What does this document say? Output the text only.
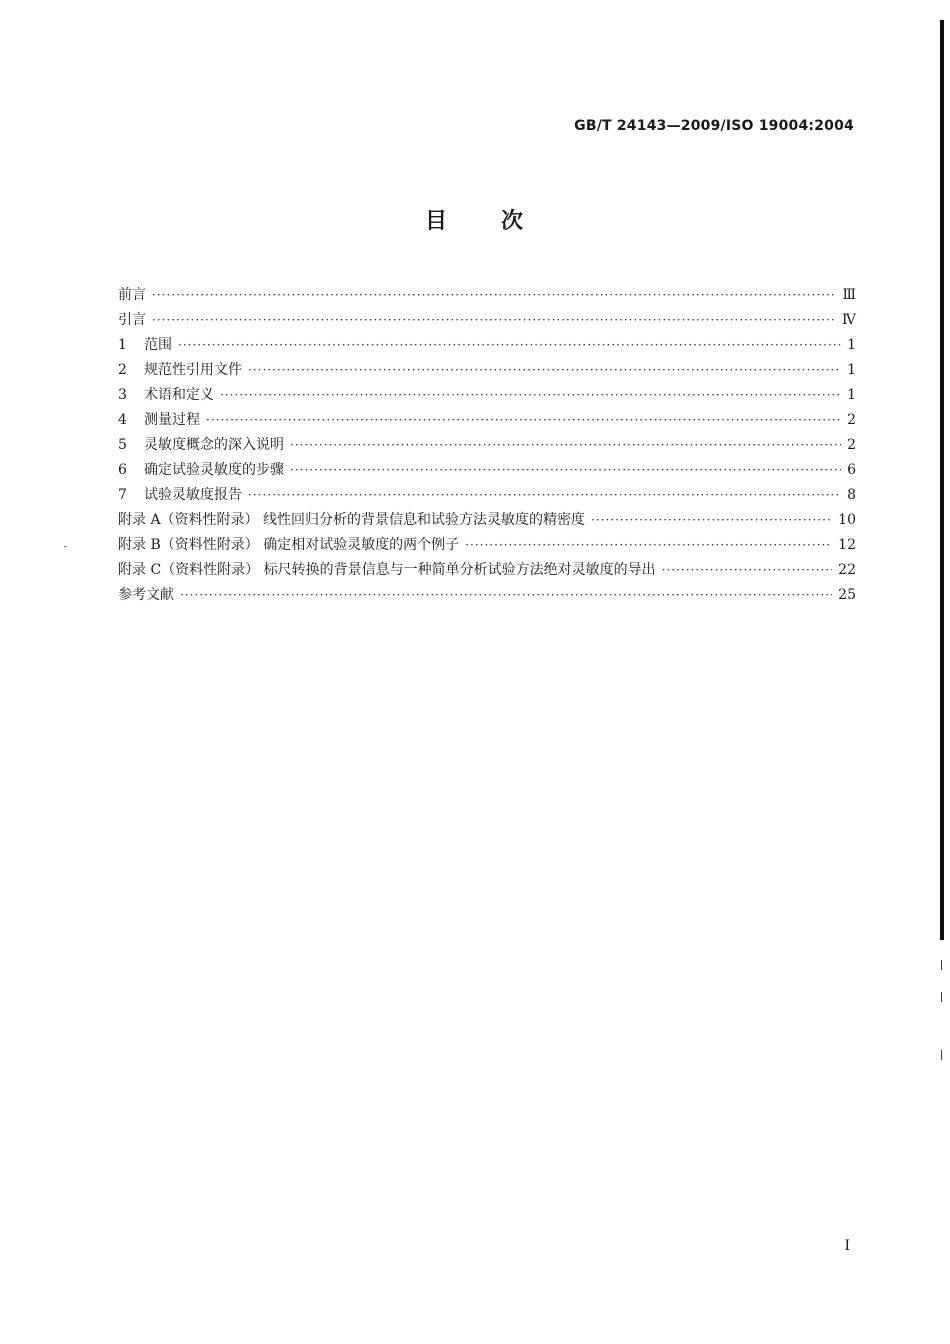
GB/T 24143—2009/ISO 19004:2004
目 次
前言 ·····	Ⅲ
引言 ·····	Ⅳ
1	范围 ·····	1
2	规范性引用文件 ·····	1
3	术语和定义 ·····	1
4	测量过程 ·····	2
5	灵敏度概念的深入说明 ·····	2
6	确定试验灵敏度的步骤 ·····	6
7	试验灵敏度报告 ·····	8
附录 A（资料性附录） 线性回归分析的背景信息和试验方法灵敏度的精密度 ·····	10
附录 B（资料性附录） 确定相对试验灵敏度的两个例子 ·····	12
附录 C（资料性附录） 标尺转换的背景信息与一种简单分析试验方法绝对灵敏度的导出 ·····	22
参考文献 ·····	25
I
